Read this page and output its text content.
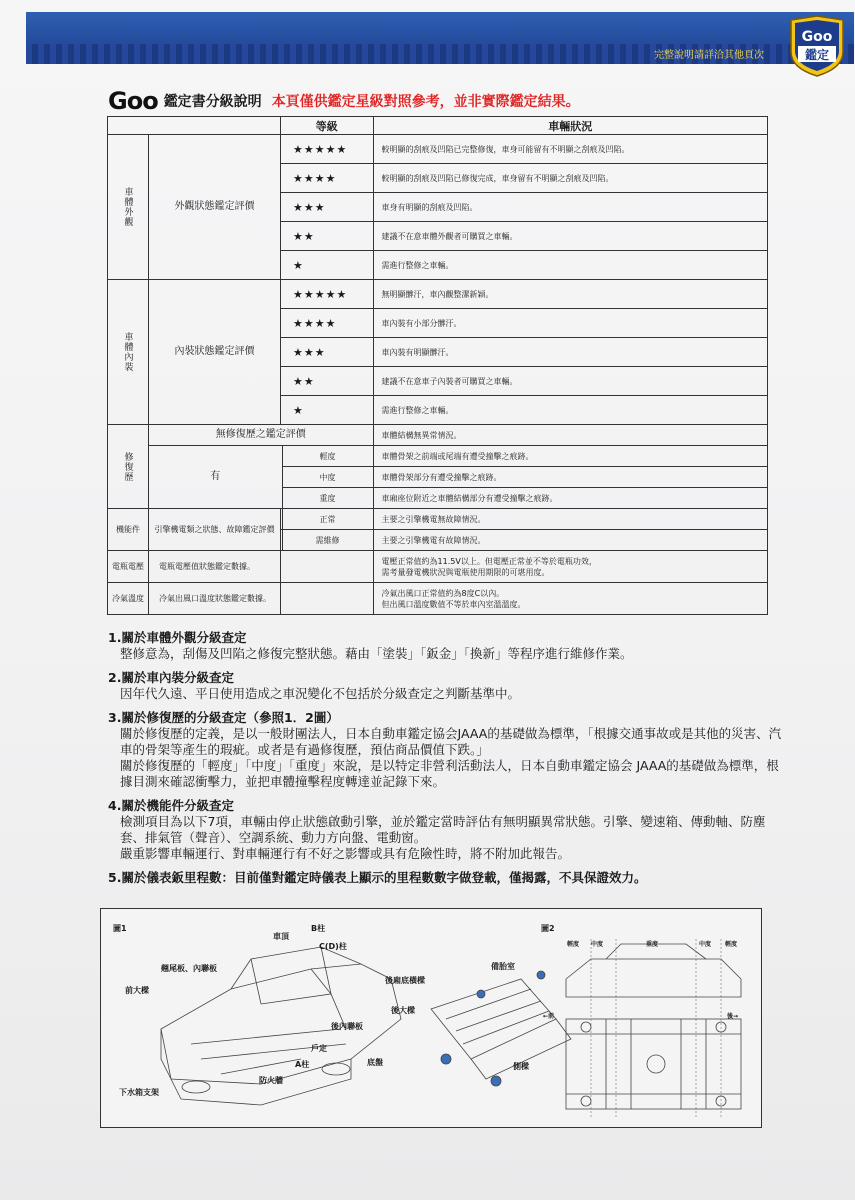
完整說明請詳洽其他頁次
Goo
鑑定
Goo 鑑定書分級說明 本頁僅供鑑定星級對照參考，並非實際鑑定結果。
		等級		車輛狀況
車體外觀	外觀狀態鑑定評價	★★★★★		較明顯的刮痕及凹陷已完整修復，車身可能留有不明顯之刮痕及凹陷。
		★★★★		較明顯的刮痕及凹陷已修復完成，車身留有不明顯之刮痕及凹陷。
		★★★		車身有明顯的刮痕及凹陷。
		★★		建議不在意車體外觀者可購買之車輛。
		★		需進行整修之車輛。
車體內裝	內裝狀態鑑定評價	★★★★★		無明顯髒汙，車內觀整潔新穎。
		★★★★		車內裝有小部分髒汙。
		★★★		車內裝有明顯髒汙。
		★★		建議不在意車子內裝者可購買之車輛。
		★		需進行整修之車輛。
修復歷	無修復歷之鑑定評價			車體結構無異常情況。
	有		輕度	車體骨架之前端或尾端有遭受撞擊之痕跡。
			中度	車體骨架部分有遭受撞擊之痕跡。
			重度	車廂座位附近之車體結構部分有遭受撞擊之痕跡。
機能件	引擎機電類之狀態、故障鑑定評價		正常	主要之引擎機電無故障情況。
			需維修	主要之引擎機電有故障情況。
電瓶電壓	電瓶電壓值狀態鑑定數據。			電壓正常值約為11.5V以上。但電壓正常並不等於電瓶功效，
需考量發電機狀況與電瓶使用期限的可堪用度。

冷氣溫度	冷氣出風口溫度狀態鑑定數據。			冷氣出風口正常值約為8度C以內。
但出風口溫度數值不等於車內室溫溫度。
1.關於車體外觀分級查定
整修意為，刮傷及凹陷之修復完整狀態。藉由「塗裝」「鈑金」「換新」等程序進行維修作業。
2.關於車內裝分級查定
因年代久遠、平日使用造成之車況變化不包括於分級查定之判斷基準中。
3.關於修復歷的分級查定（參照1．2圖）
關於修復歷的定義，是以一般財團法人，日本自動車鑑定協会JAAA的基礎做為標準，「根據交通事故或是其他的災害、汽車的骨架等產生的瑕疵。或者是有過修復歷，預估商品價值下跌。」
關於修復歷的「輕度」「中度」「重度」來說，是以特定非營利活動法人，日本自動車鑑定協会 JAAA的基礎做為標準，根據目測來確認衝擊力，並把車體撞擊程度轉達並記錄下來。
4.關於機能件分級查定
檢測項目為以下7項，車輛由停止狀態啟動引擎，並於鑑定當時評估有無明顯異常狀態。引擎、變速箱、傳動軸、防塵套、排氣管（聲音）、空調系統、動力方向盤、電動窗。
嚴重影響車輛運行、對車輛運行有不好之影響或具有危險性時，將不附加此報告。
5.關於儀表鈑里程數：目前僅對鑑定時儀表上顯示的里程數數字做登載，僅揭露，不具保證效力。
圖1	圖2
車頂
B柱
C(D)柱
前大樑
翹尾板、內聯板
後內聯板
戶定
A柱
防火牆
下水箱支架
後廂底橫樑
備胎室
後大樑
底盤	側樑
輕度 中度	重度	中度 輕度
←前	後→
